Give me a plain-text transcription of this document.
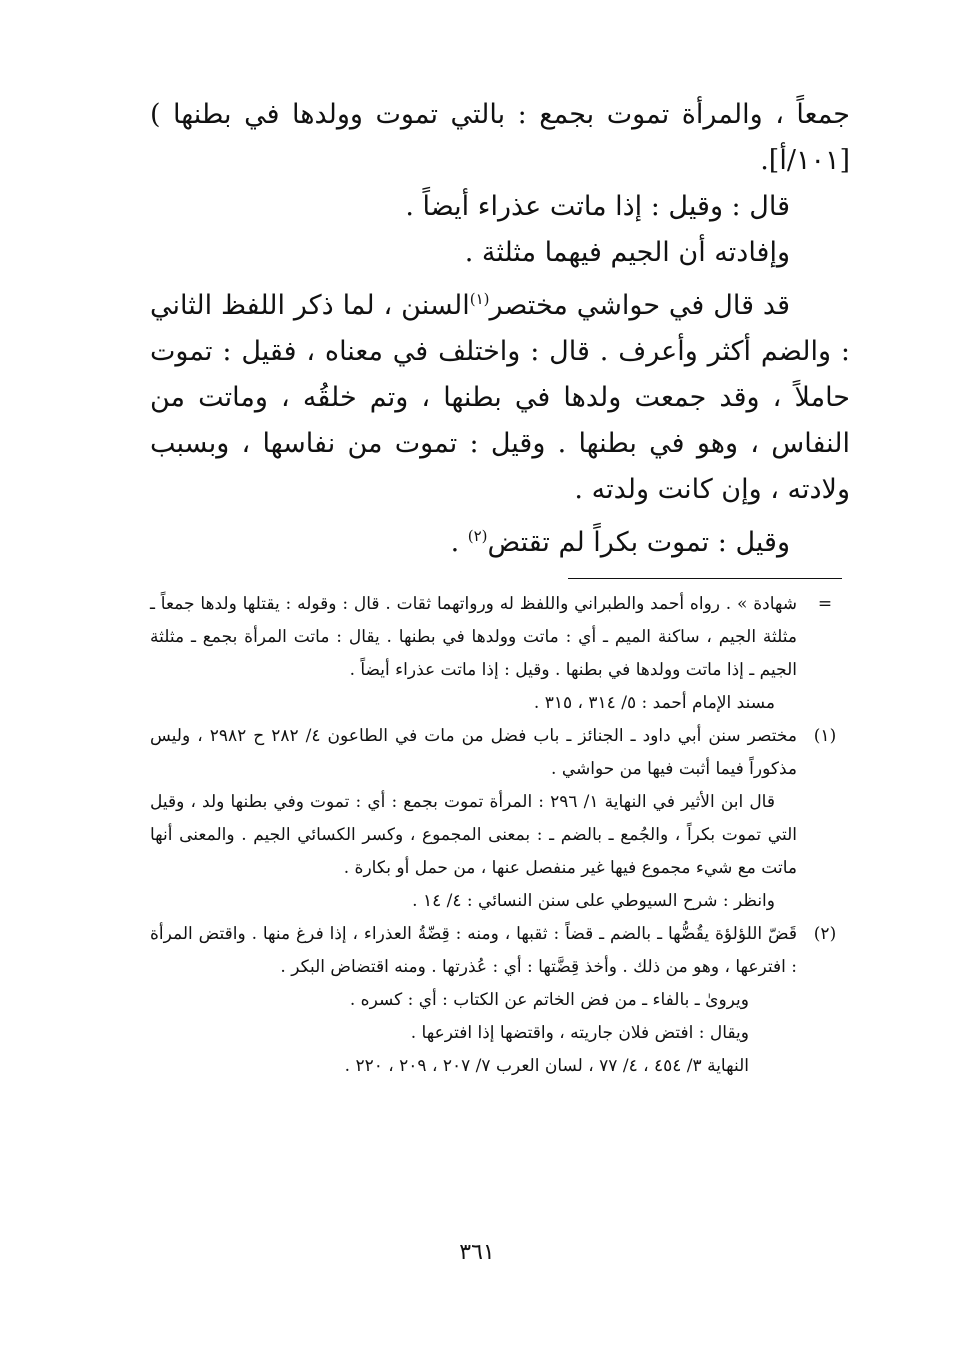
جمعاً ، والمرأة تموت بجمع : بالتي تموت وولدها في بطنها ) [١٠١/أ].

قال : وقيل : إذا ماتت عذراء أيضاً .

وإفادته أن الجيم فيهما مثلثة .

قد قال في حواشي مختصر$^{(١)}$السنن ، لما ذكر اللفظ الثاني : والضم أكثر وأعرف . قال : واختلف في معناه ، فقيل : تموت حاملاً ، وقد جمعت ولدها في بطنها ، وتم خلقُه ، وماتت من النفاس ، وهو في بطنها . وقيل : تموت من نفاسها ، وبسبب ولادته ، وإن كانت ولدته .

وقيل : تموت بكراً لم تقتض$^{(٢)}$ .

=

شهادة » . رواه أحمد والطبراني واللفظ له ورواتهما ثقات . قال : وقوله : يقتلها ولدها جمعاً ـ مثلثة الجيم ، ساكنة الميم ـ أي : ماتت وولدها في بطنها . يقال : ماتت المرأة بجمع ـ مثلثة الجيم ـ إذا ماتت وولدها في بطنها . وقيل : إذا ماتت عذراء أيضاً .

مسند الإمام أحمد : ٥/ ٣١٤ ، ٣١٥ .

(١)

مختصر سنن أبي داود ـ الجنائز ـ باب فضل من مات في الطاعون ٤/ ٢٨٢ ح ٢٩٨٢ ، وليس مذكوراً فيما أثبت فيها من حواشي .

قال ابن الأثير في النهاية ١/ ٢٩٦ : المرأة تموت بجمع : أي : تموت وفي بطنها ولد ، وقيل التي تموت بكراً ، والجُمع ـ بالضم ـ : بمعنى المجموع ، وكسر الكسائي الجيم . والمعنى أنها ماتت مع شيء مجموع فيها غير منفصل عنها ، من حمل أو بكارة .

وانظر : شرح السيوطي على سنن النسائي : ٤/ ١٤ .

(٢)

قَضّ اللؤلؤة يقُضُّها ـ بالضم ـ قضاً : ثقبها ، ومنه : قِضّةُ العذراء ، إذا فرغ منها . واقتض المرأة : افترعها ، وهو من ذلك . وأخذ قِضَّتها : أي : عُذرتها . ومنه اقتضاض البكر .

ويروىٰ ـ بالفاء ـ من فض الخاتم عن الكتاب : أي : كسره .

ويقال : افتض فلان جاريته ، واقتضها إذا افترعها .

النهاية ٣/ ٤٥٤ ، ٤/ ٧٧ ، لسان العرب ٧/ ٢٠٧ ، ٢٠٩ ، ٢٢٠ .

٣٦١
